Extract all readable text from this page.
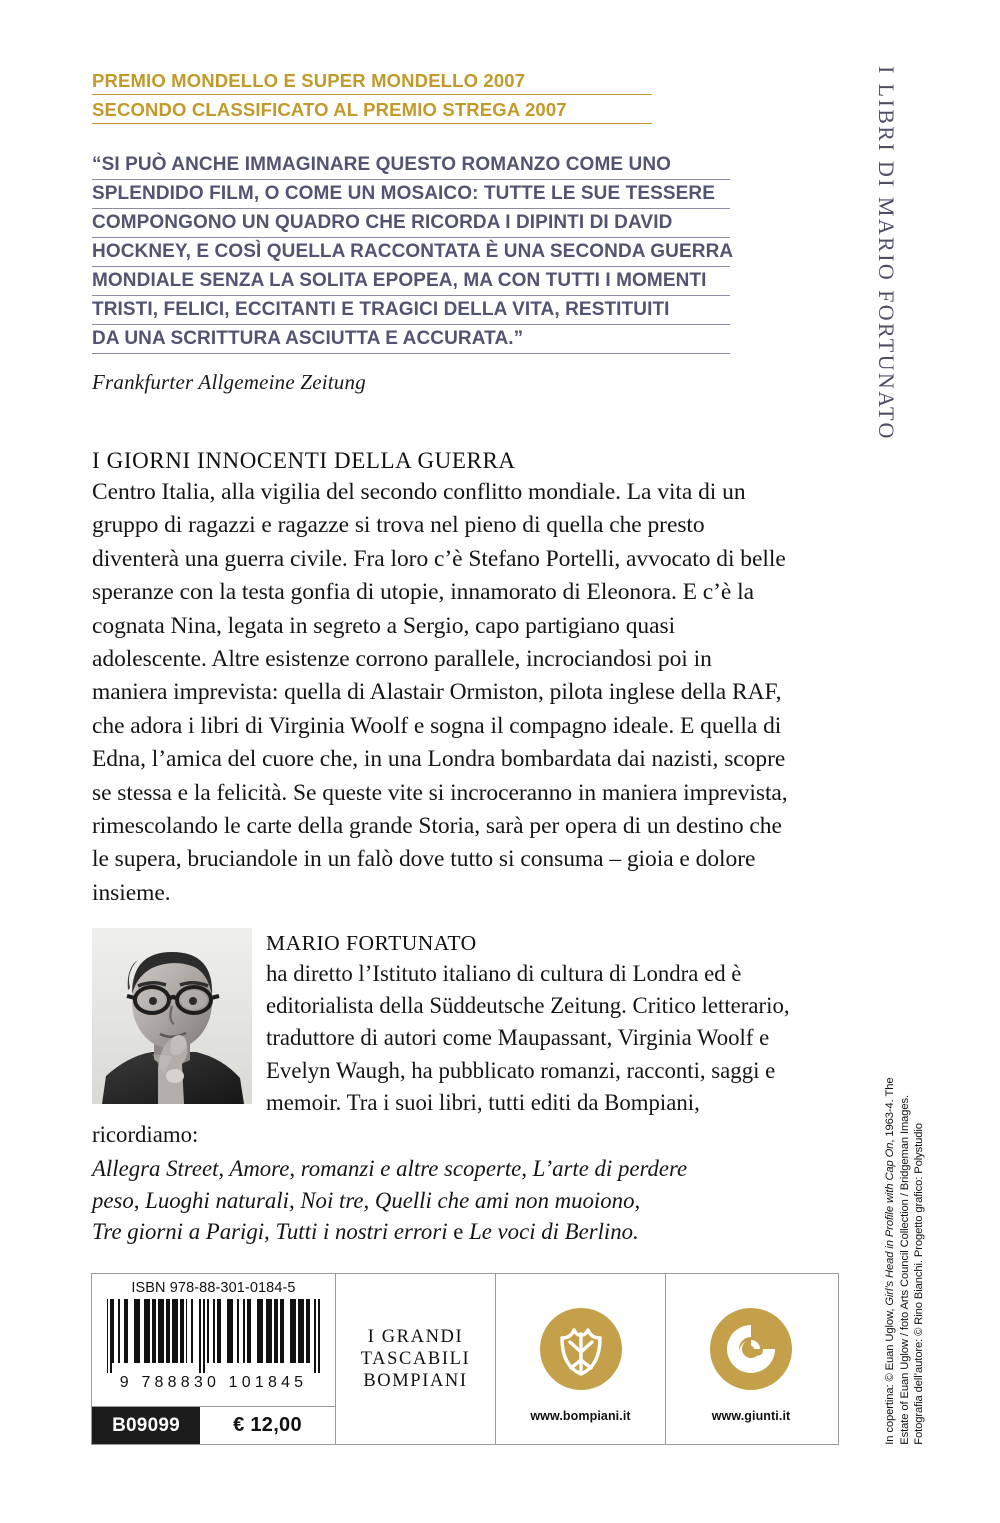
PREMIO MONDELLO E SUPER MONDELLO 2007
SECONDO CLASSIFICATO AL PREMIO STREGA 2007
“SI PUÒ ANCHE IMMAGINARE QUESTO ROMANZO COME UNO
SPLENDIDO FILM, O COME UN MOSAICO: TUTTE LE SUE TESSERE
COMPONGONO UN QUADRO CHE RICORDA I DIPINTI DI DAVID
HOCKNEY, E COSÌ QUELLA RACCONTATA È UNA SECONDA GUERRA
MONDIALE SENZA LA SOLITA EPOPEA, MA CON TUTTI I MOMENTI
TRISTI, FELICI, ECCITANTI E TRAGICI DELLA VITA, RESTITUITI
DA UNA SCRITTURA ASCIUTTA E ACCURATA.”
Frankfurter Allgemeine Zeitung
I GIORNI INNOCENTI DELLA GUERRA
Centro Italia, alla vigilia del secondo conflitto mondiale. La vita di un gruppo di ragazzi e ragazze si trova nel pieno di quella che presto diventerà una guerra civile. Fra loro c’è Stefano Portelli, avvocato di belle speranze con la testa gonfia di utopie, innamorato di Eleonora. E c’è la cognata Nina, legata in segreto a Sergio, capo partigiano quasi adolescente. Altre esistenze corrono parallele, incrociandosi poi in maniera imprevista: quella di Alastair Ormiston, pilota inglese della RAF, che adora i libri di Virginia Woolf e sogna il compagno ideale. E quella di Edna, l’amica del cuore che, in una Londra bombardata dai nazisti, scopre se stessa e la felicità. Se queste vite si incroceranno in maniera imprevista, rimescolando le carte della grande Storia, sarà per opera di un destino che le supera, bruciandole in un falò dove tutto si consuma – gioia e dolore insieme.
MARIO FORTUNATO
ha diretto l’Istituto italiano di cultura di Londra ed è editorialista della Süddeutsche Zeitung. Critico letterario, traduttore di autori come Maupassant, Virginia Woolf e Evelyn Waugh, ha pubblicato romanzi, racconti, saggi e memoir. Tra i suoi libri, tutti editi da Bompiani, ricordiamo:
Allegra Street, Amore, romanzi e altre scoperte, L’arte di perdere
peso, Luoghi naturali, Noi tre, Quelli che ami non muoiono,
Tre giorni a Parigi, Tutti i nostri errori e Le voci di Berlino.
I LIBRI DI MARIO FORTUNATO
In copertina: © Euan Uglow, Girl’s Head in Profile with Cap On, 1963-4. The Estate of Euan Uglow / foto Arts Council Collection / Bridgeman Images. Fotografia dell’autore: © Rino Bianchi. Progetto grafico: Polystudio
ISBN 978-88-301-0184-5
9 788830 101845
B09099	€ 12,00
I GRANDI
TASCABILI
BOMPIANI
www.bompiani.it	www.giunti.it
